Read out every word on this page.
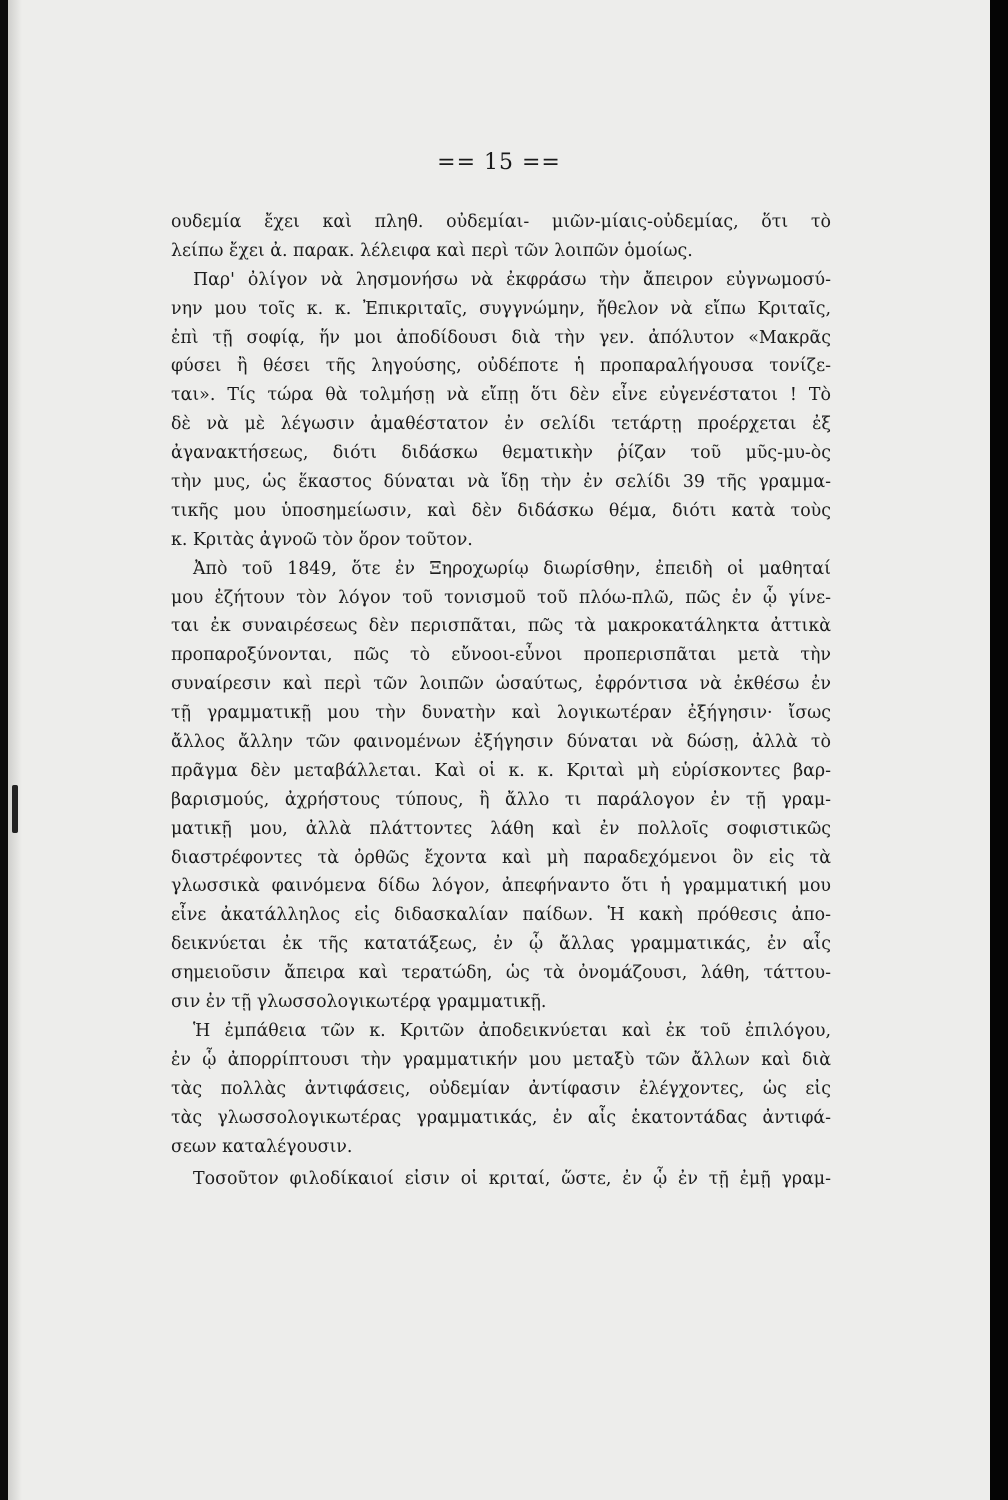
== 15 ==
ουδεμία ἔχει καὶ πληθ. οὐδεμίαι- μιῶν-μίαις-οὐδεμίας, ὅτι τὸ
λείπω ἔχει ἀ. παρακ. λέλειφα καὶ περὶ τῶν λοιπῶν ὁμοίως.
Παρ' ὀλίγον νὰ λησμονήσω νὰ ἐκφράσω τὴν ἄπειρον εὐγνωμοσύ-
νην μου τοῖς κ. κ. Ἐπικριταῖς, συγγνώμην, ἤθελον νὰ εἴπω Κριταῖς,
ἐπὶ τῇ σοφίᾳ, ἥν μοι ἀποδίδουσι διὰ τὴν γεν. ἀπόλυτον «Μακρᾶς
φύσει ἢ θέσει τῆς ληγούσης, οὐδέποτε ἡ προπαραλήγουσα τονίζε-
ται». Τίς τώρα θὰ τολμήσῃ νὰ εἴπῃ ὅτι δὲν εἶνε εὐγενέστατοι ! Τὸ
δὲ νὰ μὲ λέγωσιν ἀμαθέστατον ἐν σελίδι τετάρτῃ προέρχεται ἐξ
ἀγανακτήσεως, διότι διδάσκω θεματικὴν ῥίζαν τοῦ μῦς-μυ-ὸς
τὴν μυς, ὡς ἕκαστος δύναται νὰ ἴδῃ τὴν ἐν σελίδι 39 τῆς γραμμα-
τικῆς μου ὑποσημείωσιν, καὶ δὲν διδάσκω θέμα, διότι κατὰ τοὺς
κ. Κριτὰς ἀγνοῶ τὸν ὅρον τοῦτον.
Ἀπὸ τοῦ 1849, ὅτε ἐν Ξηροχωρίῳ διωρίσθην, ἐπειδὴ οἱ μαθηταί
μου ἐζήτουν τὸν λόγον τοῦ τονισμοῦ τοῦ πλόω-πλῶ, πῶς ἐν ᾧ γίνε-
ται ἐκ συναιρέσεως δὲν περισπᾶται, πῶς τὰ μακροκατάληκτα ἀττικὰ
προπαροξύνονται, πῶς τὸ εὔνοοι-εὖνοι προπερισπᾶται μετὰ τὴν
συναίρεσιν καὶ περὶ τῶν λοιπῶν ὡσαύτως, ἐφρόντισα νὰ ἐκθέσω ἐν
τῇ γραμματικῇ μου τὴν δυνατὴν καὶ λογικωτέραν ἐξήγησιν· ἴσως
ἄλλος ἄλλην τῶν φαινομένων ἐξήγησιν δύναται νὰ δώσῃ, ἀλλὰ τὸ
πρᾶγμα δὲν μεταβάλλεται. Καὶ οἱ κ. κ. Κριταὶ μὴ εὑρίσκοντες βαρ-
βαρισμούς, ἀχρήστους τύπους, ἢ ἄλλο τι παράλογον ἐν τῇ γραμ-
ματικῇ μου, ἀλλὰ πλάττοντες λάθη καὶ ἐν πολλοῖς σοφιστικῶς
διαστρέφοντες τὰ ὀρθῶς ἔχοντα καὶ μὴ παραδεχόμενοι ὃν εἰς τὰ
γλωσσικὰ φαινόμενα δίδω λόγον, ἀπεφήναντο ὅτι ἡ γραμματική μου
εἶνε ἀκατάλληλος εἰς διδασκαλίαν παίδων. Ἡ κακὴ πρόθεσις ἀπο-
δεικνύεται ἐκ τῆς κατατάξεως, ἐν ᾧ ἄλλας γραμματικάς, ἐν αἷς
σημειοῦσιν ἄπειρα καὶ τερατώδη, ὡς τὰ ὀνομάζουσι, λάθη, τάττου-
σιν ἐν τῇ γλωσσολογικωτέρᾳ γραμματικῇ.
Ἡ ἐμπάθεια τῶν κ. Κριτῶν ἀποδεικνύεται καὶ ἐκ τοῦ ἐπιλόγου,
ἐν ᾧ ἀπορρίπτουσι τὴν γραμματικήν μου μεταξὺ τῶν ἄλλων καὶ διὰ
τὰς πολλὰς ἀντιφάσεις, οὐδεμίαν ἀντίφασιν ἐλέγχοντες, ὡς εἰς
τὰς γλωσσολογικωτέρας γραμματικάς, ἐν αἷς ἑκατοντάδας ἀντιφά-
σεων καταλέγουσιν.
Τοσοῦτον φιλοδίκαιοί εἰσιν οἱ κριταί, ὥστε, ἐν ᾧ ἐν τῇ ἐμῇ γραμ-
